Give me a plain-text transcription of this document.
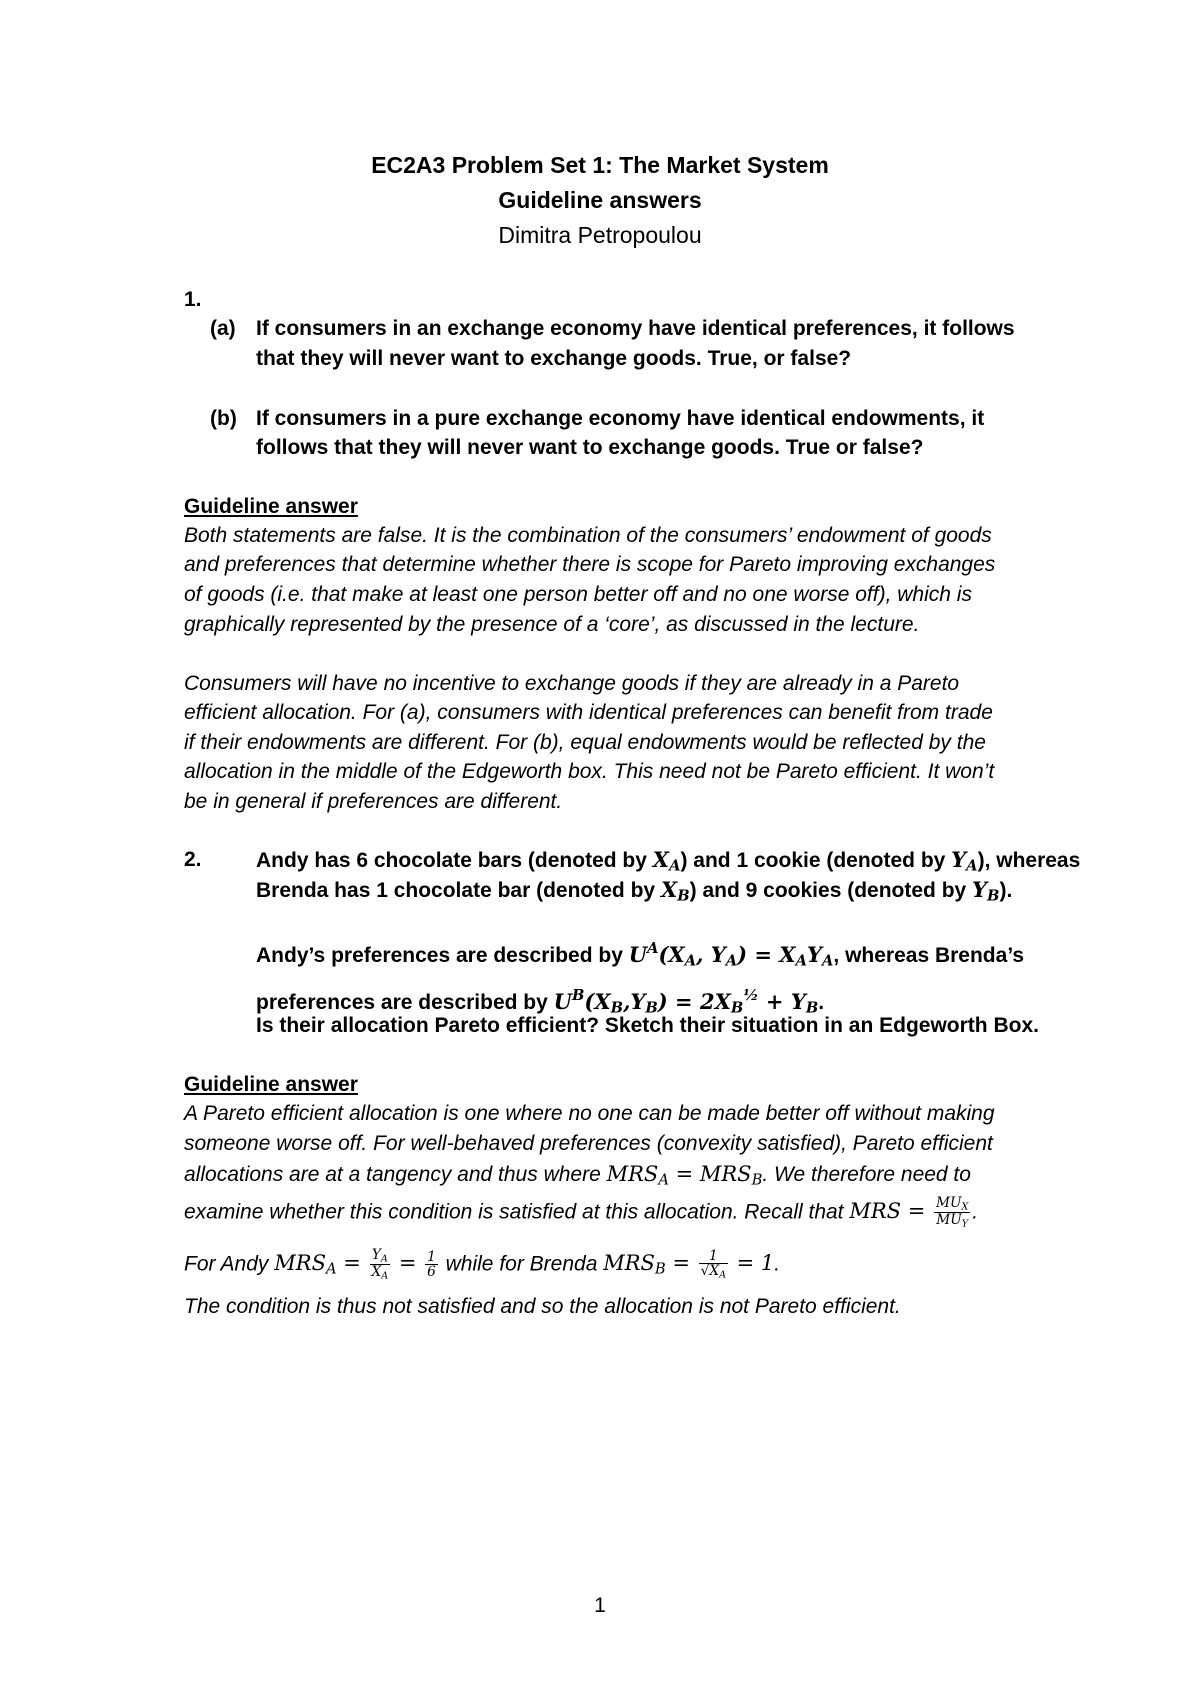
EC2A3 Problem Set 1: The Market System
Guideline answers
Dimitra Petropoulou
1.
(a) If consumers in an exchange economy have identical preferences, it follows
that they will never want to exchange goods. True, or false?
(b) If consumers in a pure exchange economy have identical endowments, it
follows that they will never want to exchange goods. True or false?
Guideline answer
Both statements are false. It is the combination of the consumers’ endowment of goods
and preferences that determine whether there is scope for Pareto improving exchanges
of goods (i.e. that make at least one person better off and no one worse off), which is
graphically represented by the presence of a ‘core’, as discussed in the lecture.
Consumers will have no incentive to exchange goods if they are already in a Pareto
efficient allocation. For (a), consumers with identical preferences can benefit from trade
if their endowments are different. For (b), equal endowments would be reflected by the
allocation in the middle of the Edgeworth box. This need not be Pareto efficient. It won’t
be in general if preferences are different.
2.	Andy has 6 chocolate bars (denoted by $X_A$) and 1 cookie (denoted by $Y_A$), whereas
Brenda has 1 chocolate bar (denoted by $X_B$) and 9 cookies (denoted by $Y_B$).
Andy’s preferences are described by $U^A(X_A$, $Y_A) = X_AY_A$, whereas Brenda’s
preferences are described by $U^B(X_B,Y_B) = 2X_B^{\frac{1}{2}} + Y_B$.
Is their allocation Pareto efficient? Sketch their situation in an Edgeworth Box.
Guideline answer
A Pareto efficient allocation is one where no one can be made better off without making
someone worse off. For well-behaved preferences (convexity satisfied), Pareto efficient
allocations are at a tangency and thus where $MRS_A = MRS_B$. We therefore need to
examine whether this condition is satisfied at this allocation. Recall that MRS = $\frac{MU_X}{MU_Y}$ .
For Andy $MRS_A = \frac{Y_A}{X_A} = \frac{1}{6}$ while for Brenda $MRS_B = \frac{1}{√X_A} = 1$.
The condition is thus not satisfied and so the allocation is not Pareto efficient.
1
